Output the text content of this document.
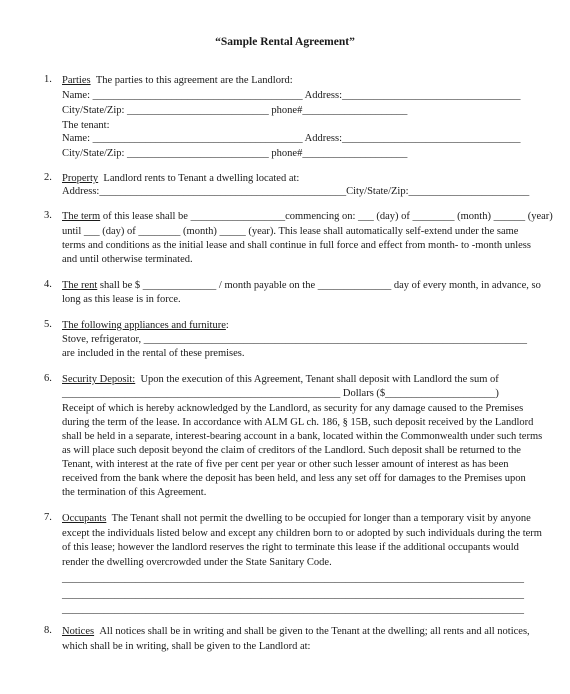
“Sample Rental Agreement”
1. Parties The parties to this agreement are the Landlord:
Name: ________________________________________ Address:__________________________________
City/State/Zip: ___________________________ phone#____________________
The tenant:
Name: ________________________________________ Address:__________________________________
City/State/Zip: ___________________________ phone#____________________
2. Property Landlord rents to Tenant a dwelling located at:
Address:_______________________________________________City/State/Zip:_______________________
3. The term of this lease shall be __________________commencing on: ___ (day) of ________ (month) ______ (year)
until ___ (day) of ________ (month) _____ (year). This lease shall automatically self-extend under the same
terms and conditions as the initial lease and shall continue in full force and effect from month- to -month unless
and until otherwise terminated.
4. The rent shall be $ ______________ / month payable on the ______________ day of every month, in advance, so
long as this lease is in force.
5. The following appliances and furniture:
Stove, refrigerator, _________________________________________________________________________
are included in the rental of these premises.
6. Security Deposit: Upon the execution of this Agreement, Tenant shall deposit with Landlord the sum of
_____________________________________________________ Dollars ($_____________________)
Receipt of which is hereby acknowledged by the Landlord, as security for any damage caused to the Premises
during the term of the lease. In accordance with ALM GL ch. 186, § 15B, such deposit received by the Landlord
shall be held in a separate, interest-bearing account in a bank, located within the Commonwealth under such terms
as will place such deposit beyond the claim of creditors of the Landlord. Such deposit shall be returned to the
Tenant, with interest at the rate of five per cent per year or other such lesser amount of interest as has been
received from the bank where the deposit has been held, and less any set off for damages to the Premises upon
the termination of this Agreement.
7. Occupants The Tenant shall not permit the dwelling to be occupied for longer than a temporary visit by anyone
except the individuals listed below and except any children born to or adopted by such individuals during the term
of this lease; however the landlord reserves the right to terminate this lease if the additional occupants would
render the dwelling overcrowded under the State Sanitary Code.
________________________________________________________________________________________
________________________________________________________________________________________
________________________________________________________________________________________
8. Notices All notices shall be in writing and shall be given to the Tenant at the dwelling; all rents and all notices,
which shall be in writing, shall be given to the Landlord at:
